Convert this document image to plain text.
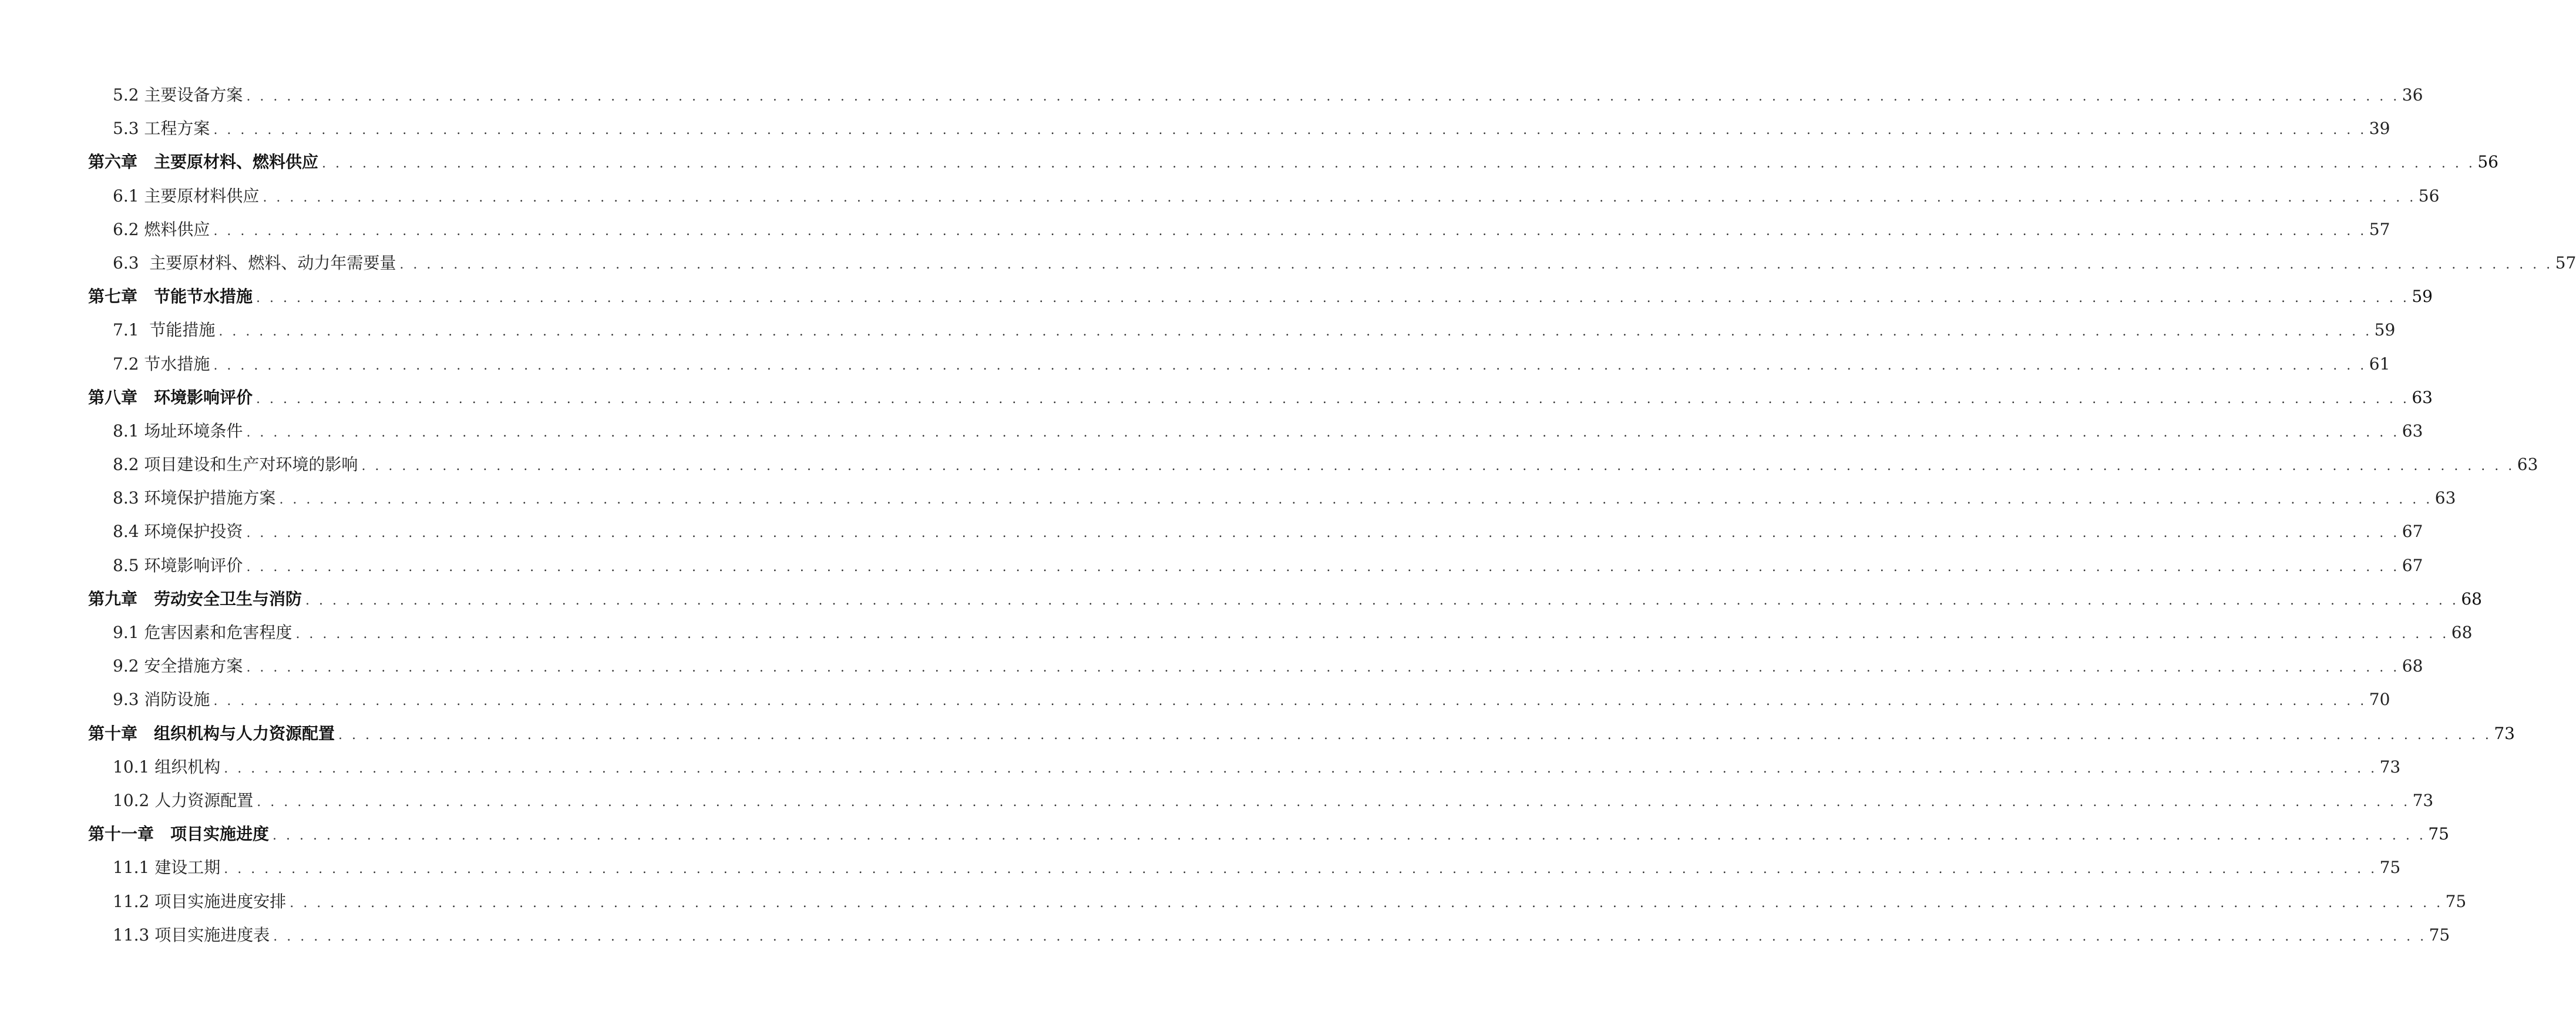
5.2 主要设备方案 . . . . . . . . . . . . . . . . . . . . . . . . . . . . . . . . . . . . . . . . . . . . . . . . . . . . . . . . . . . . . . . . . . . . . . . . . . . . . . . . . . . . . . . . . . . . . . . . . . . . . . . . . . . . . . . . . . . . . . . . . . . . . . . . . . . . . . . . . . . . . . . . . . . . . . . . . . . . . . . . 36
5.3 工程方案 . . . . . . . . . . . . . . . . . . . . . . . . . . . . . . . . . . . . . . . . . . . . . . . . . . . . . . . . . . . . . . . . . . . . . . . . . . . . . . . . . . . . . . . . . . . . . . . . . . . . . . . . . . . . . . . . . . . . . . . . . . . . . . . . . . . . . . . . . . . . . . . . . . . . . . . . . . . . . . . . 39
第六章　主要原材料、燃料供应 . . . . . . . . . . . . . . . . . . . . . . . . . . . . . . . . . . . . . . . . . . . . . . . . . . . . . . . . . . . . . . . . . . . . . . . . . . . . . . . . . . . . . . . . . . . . . . . . . . . . . . . . . . . . . . . . . . . . . . . . . . . . . . . . . . . . . . . . . . . . . . . . . . . . . . . . . . . . . . . . 56
6.1 主要原材料供应 . . . . . . . . . . . . . . . . . . . . . . . . . . . . . . . . . . . . . . . . . . . . . . . . . . . . . . . . . . . . . . . . . . . . . . . . . . . . . . . . . . . . . . . . . . . . . . . . . . . . . . . . . . . . . . . . . . . . . . . . . . . . . . . . . . . . . . . . . . . . . . . . . . . . . . . . . . . . . . . . 56
6.2 燃料供应 . . . . . . . . . . . . . . . . . . . . . . . . . . . . . . . . . . . . . . . . . . . . . . . . . . . . . . . . . . . . . . . . . . . . . . . . . . . . . . . . . . . . . . . . . . . . . . . . . . . . . . . . . . . . . . . . . . . . . . . . . . . . . . . . . . . . . . . . . . . . . . . . . . . . . . . . . . . . . . . . 57
6.3  主要原材料、燃料、动力年需要量 . . . . . . . . . . . . . . . . . . . . . . . . . . . . . . . . . . . . . . . . . . . . . . . . . . . . . . . . . . . . . . . . . . . . . . . . . . . . . . . . . . . . . . . . . . . . . . . . . . . . . . . . . . . . . . . . . . . . . . . . . . . . . . . . . . . . . . . . . . . . . . . . . . . . . . . . . . . . . . . . 57
第七章　节能节水措施 . . . . . . . . . . . . . . . . . . . . . . . . . . . . . . . . . . . . . . . . . . . . . . . . . . . . . . . . . . . . . . . . . . . . . . . . . . . . . . . . . . . . . . . . . . . . . . . . . . . . . . . . . . . . . . . . . . . . . . . . . . . . . . . . . . . . . . . . . . . . . . . . . . . . . . . . . . . . . . . . 59
7.1  节能措施 . . . . . . . . . . . . . . . . . . . . . . . . . . . . . . . . . . . . . . . . . . . . . . . . . . . . . . . . . . . . . . . . . . . . . . . . . . . . . . . . . . . . . . . . . . . . . . . . . . . . . . . . . . . . . . . . . . . . . . . . . . . . . . . . . . . . . . . . . . . . . . . . . . . . . . . . . . . . . . . . 59
7.2 节水措施 . . . . . . . . . . . . . . . . . . . . . . . . . . . . . . . . . . . . . . . . . . . . . . . . . . . . . . . . . . . . . . . . . . . . . . . . . . . . . . . . . . . . . . . . . . . . . . . . . . . . . . . . . . . . . . . . . . . . . . . . . . . . . . . . . . . . . . . . . . . . . . . . . . . . . . . . . . . . . . . . 61
第八章　环境影响评价 . . . . . . . . . . . . . . . . . . . . . . . . . . . . . . . . . . . . . . . . . . . . . . . . . . . . . . . . . . . . . . . . . . . . . . . . . . . . . . . . . . . . . . . . . . . . . . . . . . . . . . . . . . . . . . . . . . . . . . . . . . . . . . . . . . . . . . . . . . . . . . . . . . . . . . . . . . . . . . . . 63
8.1 场址环境条件 . . . . . . . . . . . . . . . . . . . . . . . . . . . . . . . . . . . . . . . . . . . . . . . . . . . . . . . . . . . . . . . . . . . . . . . . . . . . . . . . . . . . . . . . . . . . . . . . . . . . . . . . . . . . . . . . . . . . . . . . . . . . . . . . . . . . . . . . . . . . . . . . . . . . . . . . . . . . . . . . 63
8.2 项目建设和生产对环境的影响 . . . . . . . . . . . . . . . . . . . . . . . . . . . . . . . . . . . . . . . . . . . . . . . . . . . . . . . . . . . . . . . . . . . . . . . . . . . . . . . . . . . . . . . . . . . . . . . . . . . . . . . . . . . . . . . . . . . . . . . . . . . . . . . . . . . . . . . . . . . . . . . . . . . . . . . . . . . . . . . . 63
8.3 环境保护措施方案 . . . . . . . . . . . . . . . . . . . . . . . . . . . . . . . . . . . . . . . . . . . . . . . . . . . . . . . . . . . . . . . . . . . . . . . . . . . . . . . . . . . . . . . . . . . . . . . . . . . . . . . . . . . . . . . . . . . . . . . . . . . . . . . . . . . . . . . . . . . . . . . . . . . . . . . . . . . . . . . . 63
8.4 环境保护投资 . . . . . . . . . . . . . . . . . . . . . . . . . . . . . . . . . . . . . . . . . . . . . . . . . . . . . . . . . . . . . . . . . . . . . . . . . . . . . . . . . . . . . . . . . . . . . . . . . . . . . . . . . . . . . . . . . . . . . . . . . . . . . . . . . . . . . . . . . . . . . . . . . . . . . . . . . . . . . . . . 67
8.5 环境影响评价 . . . . . . . . . . . . . . . . . . . . . . . . . . . . . . . . . . . . . . . . . . . . . . . . . . . . . . . . . . . . . . . . . . . . . . . . . . . . . . . . . . . . . . . . . . . . . . . . . . . . . . . . . . . . . . . . . . . . . . . . . . . . . . . . . . . . . . . . . . . . . . . . . . . . . . . . . . . . . . . . 67
第九章　劳动安全卫生与消防 . . . . . . . . . . . . . . . . . . . . . . . . . . . . . . . . . . . . . . . . . . . . . . . . . . . . . . . . . . . . . . . . . . . . . . . . . . . . . . . . . . . . . . . . . . . . . . . . . . . . . . . . . . . . . . . . . . . . . . . . . . . . . . . . . . . . . . . . . . . . . . . . . . . . . . . . . . . . . . . . 68
9.1 危害因素和危害程度 . . . . . . . . . . . . . . . . . . . . . . . . . . . . . . . . . . . . . . . . . . . . . . . . . . . . . . . . . . . . . . . . . . . . . . . . . . . . . . . . . . . . . . . . . . . . . . . . . . . . . . . . . . . . . . . . . . . . . . . . . . . . . . . . . . . . . . . . . . . . . . . . . . . . . . . . . . . . . . . . 68
9.2 安全措施方案 . . . . . . . . . . . . . . . . . . . . . . . . . . . . . . . . . . . . . . . . . . . . . . . . . . . . . . . . . . . . . . . . . . . . . . . . . . . . . . . . . . . . . . . . . . . . . . . . . . . . . . . . . . . . . . . . . . . . . . . . . . . . . . . . . . . . . . . . . . . . . . . . . . . . . . . . . . . . . . . . 68
9.3 消防设施 . . . . . . . . . . . . . . . . . . . . . . . . . . . . . . . . . . . . . . . . . . . . . . . . . . . . . . . . . . . . . . . . . . . . . . . . . . . . . . . . . . . . . . . . . . . . . . . . . . . . . . . . . . . . . . . . . . . . . . . . . . . . . . . . . . . . . . . . . . . . . . . . . . . . . . . . . . . . . . . . 70
第十章　组织机构与人力资源配置 . . . . . . . . . . . . . . . . . . . . . . . . . . . . . . . . . . . . . . . . . . . . . . . . . . . . . . . . . . . . . . . . . . . . . . . . . . . . . . . . . . . . . . . . . . . . . . . . . . . . . . . . . . . . . . . . . . . . . . . . . . . . . . . . . . . . . . . . . . . . . . . . . . . . . . . . . . . . . . . . 73
10.1 组织机构 . . . . . . . . . . . . . . . . . . . . . . . . . . . . . . . . . . . . . . . . . . . . . . . . . . . . . . . . . . . . . . . . . . . . . . . . . . . . . . . . . . . . . . . . . . . . . . . . . . . . . . . . . . . . . . . . . . . . . . . . . . . . . . . . . . . . . . . . . . . . . . . . . . . . . . . . . . . . . . . . 73
10.2 人力资源配置 . . . . . . . . . . . . . . . . . . . . . . . . . . . . . . . . . . . . . . . . . . . . . . . . . . . . . . . . . . . . . . . . . . . . . . . . . . . . . . . . . . . . . . . . . . . . . . . . . . . . . . . . . . . . . . . . . . . . . . . . . . . . . . . . . . . . . . . . . . . . . . . . . . . . . . . . . . . . . . . . 73
第十一章　项目实施进度 . . . . . . . . . . . . . . . . . . . . . . . . . . . . . . . . . . . . . . . . . . . . . . . . . . . . . . . . . . . . . . . . . . . . . . . . . . . . . . . . . . . . . . . . . . . . . . . . . . . . . . . . . . . . . . . . . . . . . . . . . . . . . . . . . . . . . . . . . . . . . . . . . . . . . . . . . . . . . . . . 75
11.1 建设工期 . . . . . . . . . . . . . . . . . . . . . . . . . . . . . . . . . . . . . . . . . . . . . . . . . . . . . . . . . . . . . . . . . . . . . . . . . . . . . . . . . . . . . . . . . . . . . . . . . . . . . . . . . . . . . . . . . . . . . . . . . . . . . . . . . . . . . . . . . . . . . . . . . . . . . . . . . . . . . . . . 75
11.2 项目实施进度安排 . . . . . . . . . . . . . . . . . . . . . . . . . . . . . . . . . . . . . . . . . . . . . . . . . . . . . . . . . . . . . . . . . . . . . . . . . . . . . . . . . . . . . . . . . . . . . . . . . . . . . . . . . . . . . . . . . . . . . . . . . . . . . . . . . . . . . . . . . . . . . . . . . . . . . . . . . . . . . . . . 75
11.3 项目实施进度表 . . . . . . . . . . . . . . . . . . . . . . . . . . . . . . . . . . . . . . . . . . . . . . . . . . . . . . . . . . . . . . . . . . . . . . . . . . . . . . . . . . . . . . . . . . . . . . . . . . . . . . . . . . . . . . . . . . . . . . . . . . . . . . . . . . . . . . . . . . . . . . . . . . . . . . . . . . . . . . . . 75
